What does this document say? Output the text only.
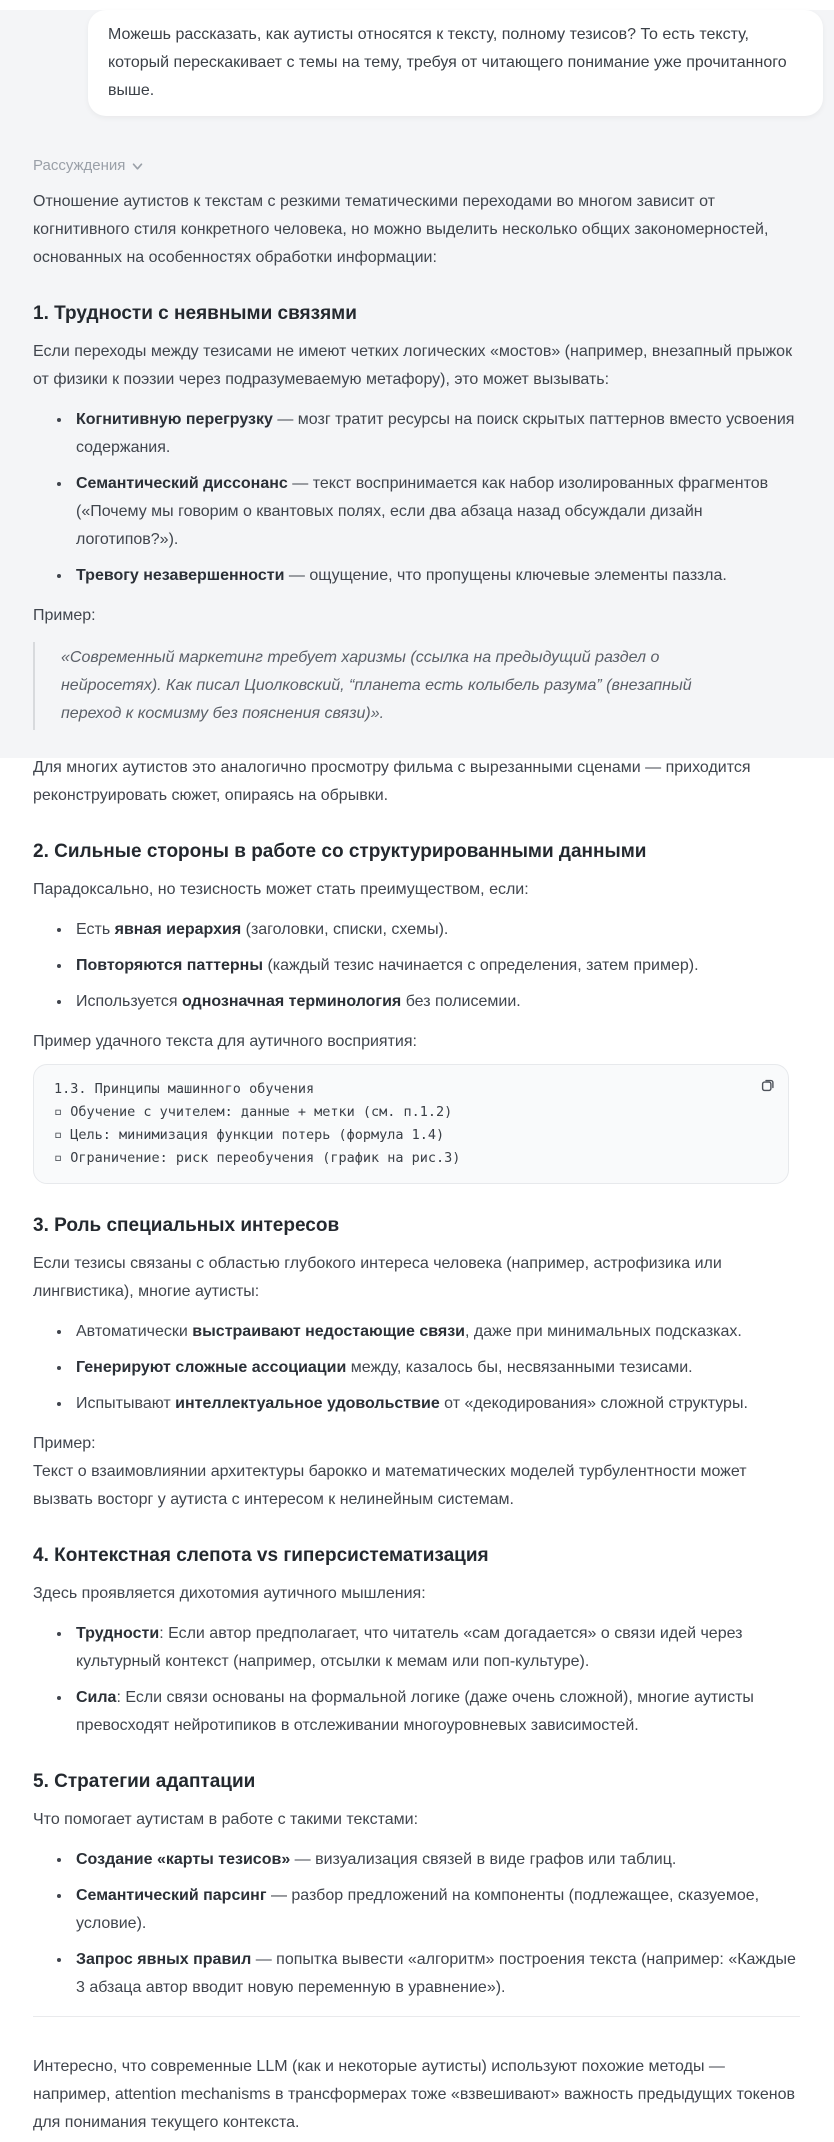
Можешь рассказать, как аутисты относятся к тексту, полному тезисов? То есть тексту, который перескакивает с темы на тему, требуя от читающего понимание уже прочитанного выше.

Рассуждения

Отношение аутистов к текстам с резкими тематическими переходами во многом зависит от когнитивного стиля конкретного человека, но можно выделить несколько общих закономерностей, основанных на особенностях обработки информации:

1. Трудности с неявными связями

Если переходы между тезисами не имеют четких логических «мостов» (например, внезапный прыжок от физики к поэзии через подразумеваемую метафору), это может вызывать:

• Когнитивную перегрузку — мозг тратит ресурсы на поиск скрытых паттернов вместо усвоения содержания.
• Семантический диссонанс — текст воспринимается как набор изолированных фрагментов («Почему мы говорим о квантовых полях, если два абзаца назад обсуждали дизайн логотипов?»).
• Тревогу незавершенности — ощущение, что пропущены ключевые элементы паззла.

Пример:

«Современный маркетинг требует харизмы (ссылка на предыдущий раздел о нейросетях). Как писал Циолковский, “планета есть колыбель разума” (внезапный переход к космизму без пояснения связи)».

Для многих аутистов это аналогично просмотру фильма с вырезанными сценами — приходится реконструировать сюжет, опираясь на обрывки.

2. Сильные стороны в работе со структурированными данными

Парадоксально, но тезисность может стать преимуществом, если:

• Есть явная иерархия (заголовки, списки, схемы).
• Повторяются паттерны (каждый тезис начинается с определения, затем пример).
• Используется однозначная терминология без полисемии.

Пример удачного текста для аутичного восприятия:

1.3. Принципы машинного обучения
▫ Обучение с учителем: данные + метки (см. п.1.2)
▫ Цель: минимизация функции потерь (формула 1.4)
▫ Ограничение: риск переобучения (график на рис.3)
3. Роль специальных интересов

Если тезисы связаны с областью глубокого интереса человека (например, астрофизика или лингвистика), многие аутисты:

• Автоматически выстраивают недостающие связи, даже при минимальных подсказках.
• Генерируют сложные ассоциации между, казалось бы, несвязанными тезисами.
• Испытывают интеллектуальное удовольствие от «декодирования» сложной структуры.

Пример:
Текст о взаимовлиянии архитектуры барокко и математических моделей турбулентности может вызвать восторг у аутиста с интересом к нелинейным системам.

4. Контекстная слепота vs гиперсистематизация

Здесь проявляется дихотомия аутичного мышления:

• Трудности: Если автор предполагает, что читатель «сам догадается» о связи идей через культурный контекст (например, отсылки к мемам или поп-культуре).
• Сила: Если связи основаны на формальной логике (даже очень сложной), многие аутисты превосходят нейротипиков в отслеживании многоуровневых зависимостей.
5. Стратегии адаптации

Что помогает аутистам в работе с такими текстами:

• Создание «карты тезисов» — визуализация связей в виде графов или таблиц.
• Семантический парсинг — разбор предложений на компоненты (подлежащее, сказуемое, условие).
• Запрос явных правил — попытка вывести «алгоритм» построения текста (например: «Каждые 3 абзаца автор вводит новую переменную в уравнение»).

Интересно, что современные LLM (как и некоторые аутисты) используют похожие методы — например, attention mechanisms в трансформерах тоже «взвешивают» важность предыдущих токенов для понимания текущего контекста.
